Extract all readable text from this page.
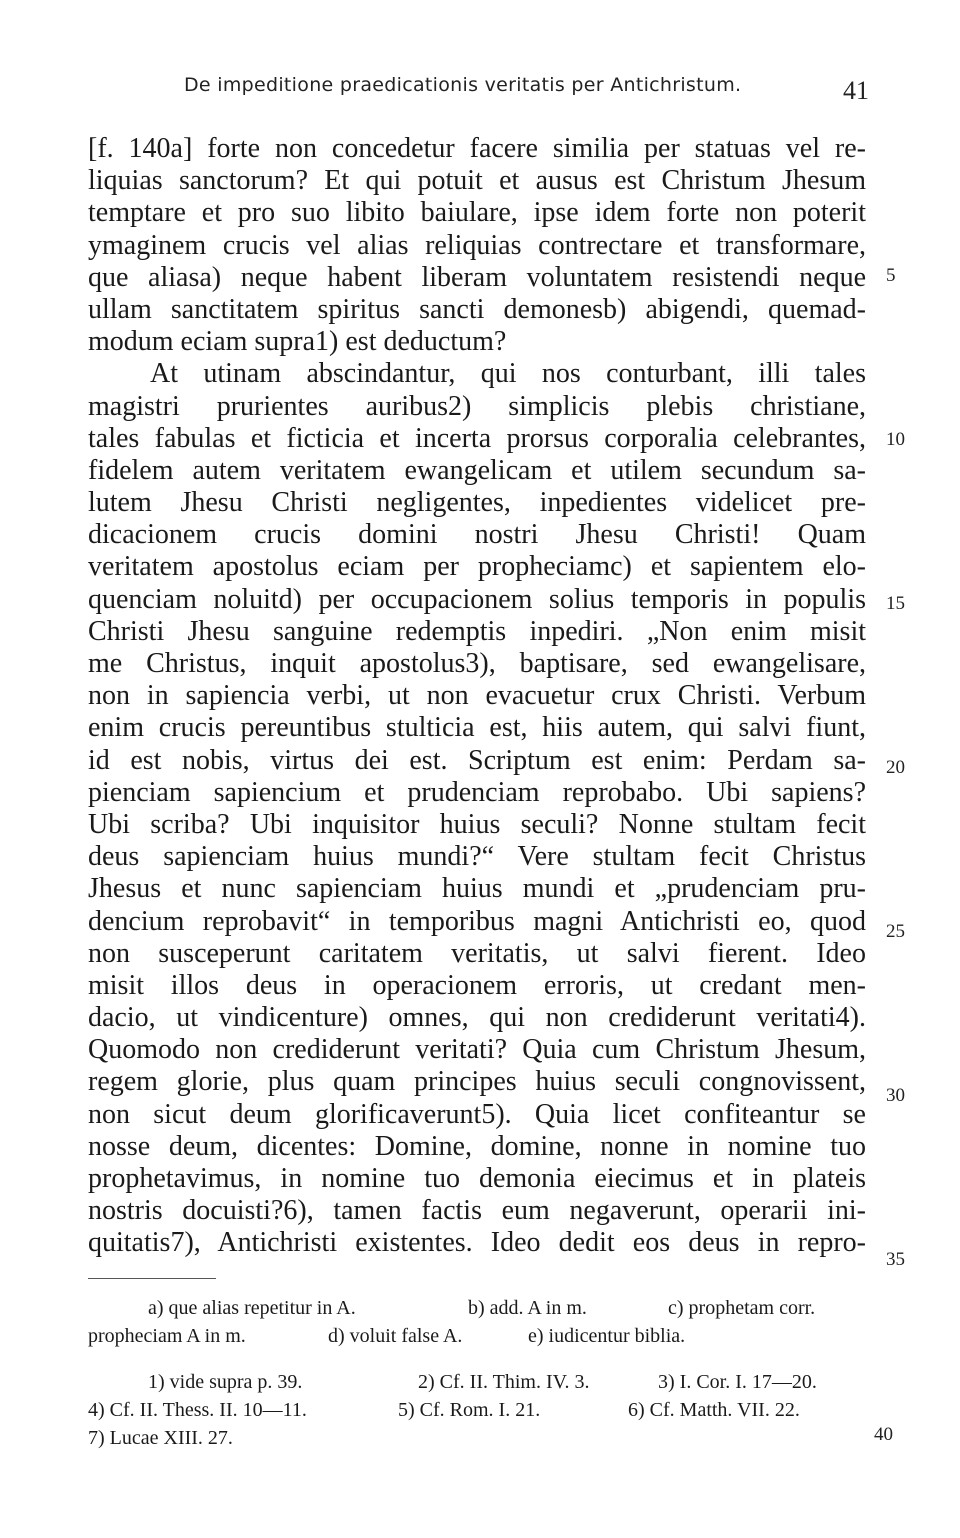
De impeditione praedicationis veritatis per Antichristum.	41
[f. 140a] forte non concedetur facere similia per statuas vel re-
liquias sanctorum? Et qui potuit et ausus est Christum Jhesum
temptare et pro suo libito baiulare, ipse idem forte non poterit
ymaginem crucis vel alias reliquias contrectare et transformare,
que aliasa) neque habent liberam voluntatem resistendi neque
ullam sanctitatem spiritus sancti demonesb) abigendi, quemad-
modum eciam supra1) est deductum?
At utinam abscindantur, qui nos conturbant, illi tales
magistri prurientes auribus2) simplicis plebis christiane,
tales fabulas et ficticia et incerta prorsus corporalia celebrantes,
fidelem autem veritatem ewangelicam et utilem secundum sa-
lutem Jhesu Christi negligentes, inpedientes videlicet pre-
dicacionem crucis domini nostri Jhesu Christi! Quam
veritatem apostolus eciam per propheciamc) et sapientem elo-
quenciam noluitd) per occupacionem solius temporis in populis
Christi Jhesu sanguine redemptis inpediri. „Non enim misit
me Christus, inquit apostolus3), baptisare, sed ewangelisare,
non in sapiencia verbi, ut non evacuetur crux Christi. Verbum
enim crucis pereuntibus stulticia est, hiis autem, qui salvi fiunt,
id est nobis, virtus dei est. Scriptum est enim: Perdam sa-
pienciam sapiencium et prudenciam reprobabo. Ubi sapiens?
Ubi scriba? Ubi inquisitor huius seculi? Nonne stultam fecit
deus sapienciam huius mundi?“ Vere stultam fecit Christus
Jhesus et nunc sapienciam huius mundi et „prudenciam pru-
dencium reprobavit“ in temporibus magni Antichristi eo, quod
non susceperunt caritatem veritatis, ut salvi fierent. Ideo
misit illos deus in operacionem erroris, ut credant men-
dacio, ut vindicenture) omnes, qui non crediderunt veritati4).
Quomodo non crediderunt veritati? Quia cum Christum Jhesum,
regem glorie, plus quam principes huius seculi congnovissent,
non sicut deum glorificaverunt5). Quia licet confiteantur se
nosse deum, dicentes: Domine, domine, nonne in nomine tuo
prophetavimus, in nomine tuo demonia eiecimus et in plateis
nostris docuisti?6), tamen factis eum negaverunt, operarii ini-
quitatis7), Antichristi existentes. Ideo dedit eos deus in repro-
5
10
15
20
25
30
35
a) que alias repetitur in A.	b) add. A in m.	c) prophetam corr.
propheciam A in m.	d) voluit false A.	e) iudicentur biblia.
1) vide supra p. 39.	2) Cf. II. Thim. IV. 3.	3) I. Cor. I. 17—20.
4) Cf. II. Thess. II. 10—11.	5) Cf. Rom. I. 21.	6) Cf. Matth. VII. 22.
7) Lucae XIII. 27.	40
